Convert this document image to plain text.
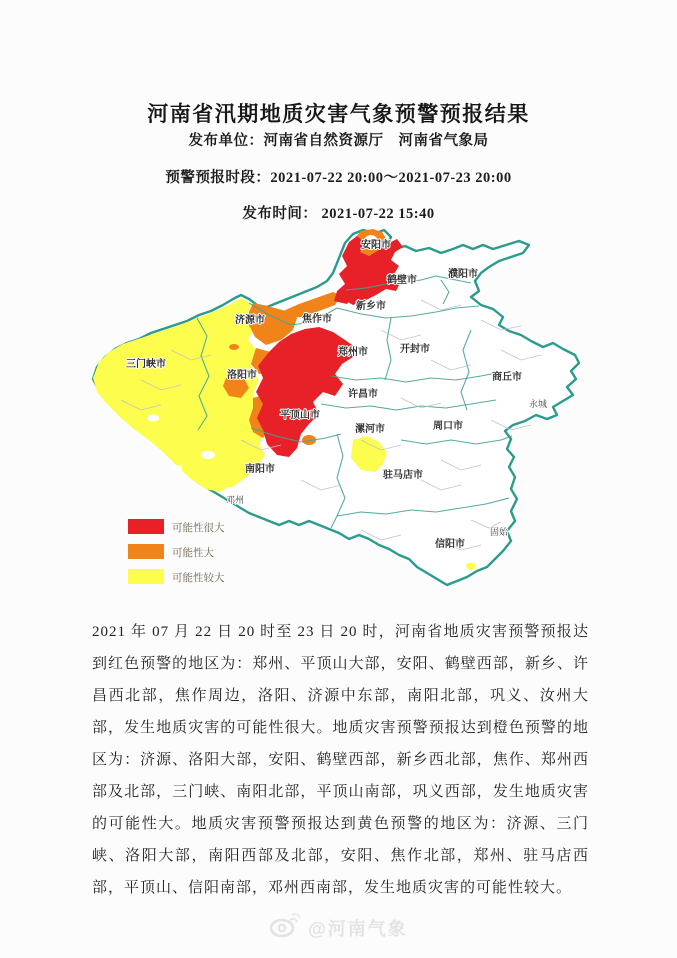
河南省汛期地质灾害气象预警预报结果
发布单位：河南省自然资源厅　河南省气象局
预警预报时段：2021-07-22 20:00～2021-07-23 20:00
发布时间： 2021-07-22 15:40
安阳市
濮阳市
鹤壁市
新乡市
济源市	焦作市
开封市
郑州市
三门峡市
洛阳市	商丘市
许昌市
永城
平顶山市
漯河市	周口市
南阳市
驻马店市
邓州
固始
信阳市
可能性很大
可能性大
可能性较大

2021 年 07 月 22 日 20 时至 23 日 20 时，河南省地质灾害预警预报达到红色预警的地区为：郑州、平顶山大部，安阳、鹤壁西部，新乡、许昌西北部，焦作周边，洛阳、济源中东部，南阳北部，巩义、汝州大部，发生地质灾害的可能性很大。地质灾害预警预报达到橙色预警的地区为：济源、洛阳大部，安阳、鹤壁西部，新乡西北部，焦作、郑州西部及北部，三门峡、南阳北部，平顶山南部，巩义西部，发生地质灾害的可能性大。地质灾害预警预报达到黄色预警的地区为：济源、三门峡、洛阳大部，南阳西部及北部，安阳、焦作北部，郑州、驻马店西部，平顶山、信阳南部，邓州西南部，发生地质灾害的可能性较大。

@河南气象
